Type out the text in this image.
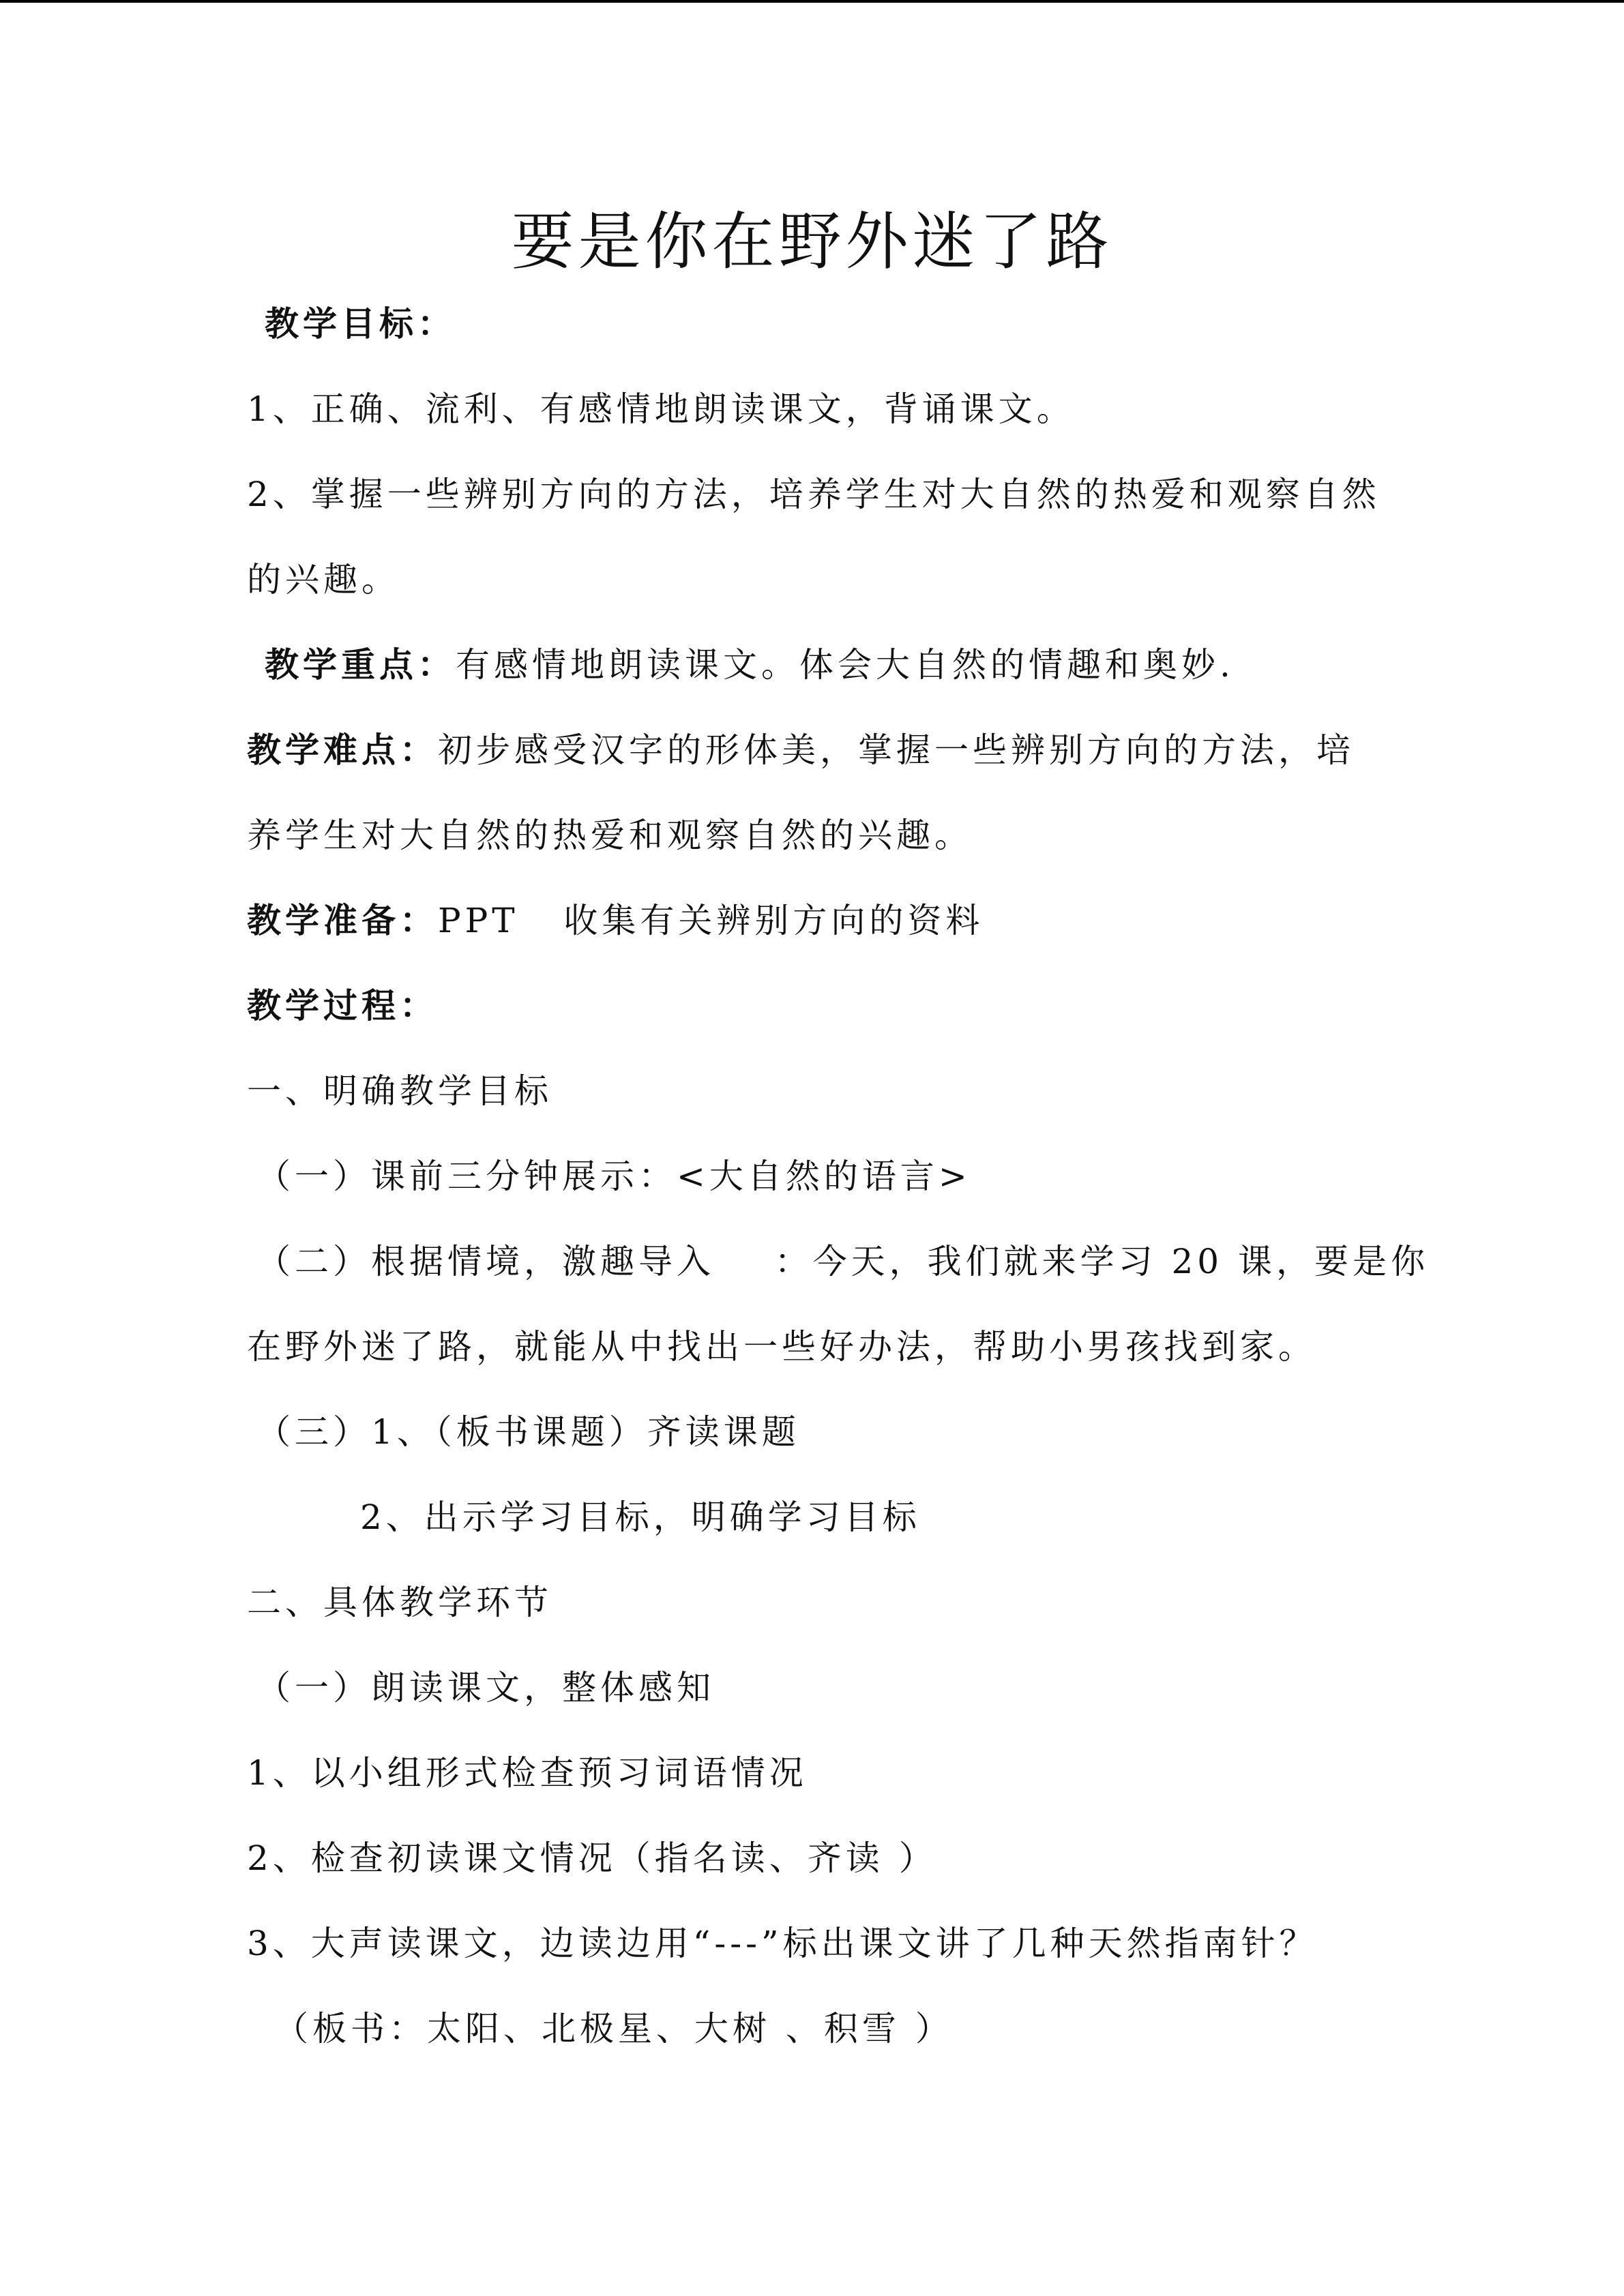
要是你在野外迷了路

教学目标：

1、正确、流利、有感情地朗读课文，背诵课文。

2、掌握一些辨别方向的方法，培养学生对大自然的热爱和观察自然

的兴趣。

教学重点：有感情地朗读课文。体会大自然的情趣和奥妙.

教学难点：初步感受汉字的形体美，掌握一些辨别方向的方法，培

养学生对大自然的热爱和观察自然的兴趣。

教学准备：PPT   收集有关辨别方向的资料

教学过程：

一、明确教学目标

（一）课前三分钟展示：<大自然的语言>

（二）根据情境，激趣导入    ：今天，我们就来学习 20 课，要是你

在野外迷了路，就能从中找出一些好办法，帮助小男孩找到家。

（三）1、（板书课题）齐读课题

2、出示学习目标，明确学习目标

二、具体教学环节

（一）朗读课文，整体感知

1、以小组形式检查预习词语情况

2、检查初读课文情况（指名读、齐读 ）

3、大声读课文，边读边用“---”标出课文讲了几种天然指南针？

（板书：太阳、北极星、大树 、积雪 ）
